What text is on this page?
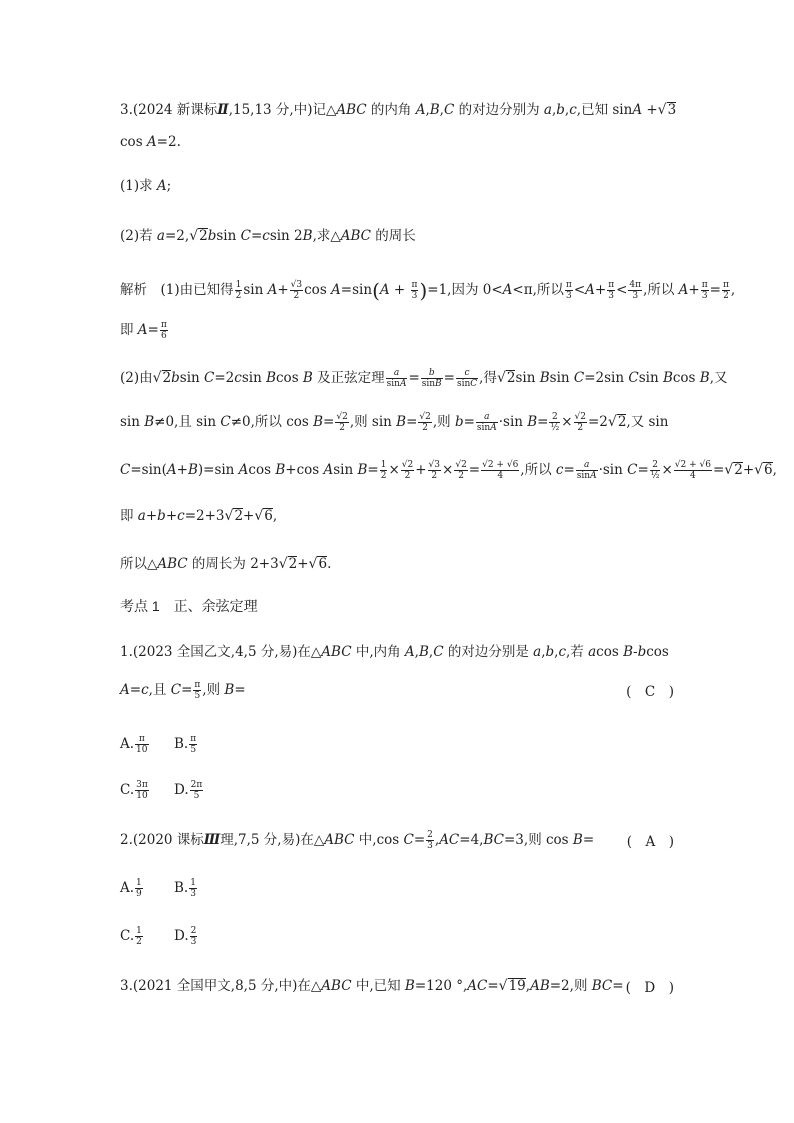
3.(2024 新课标Ⅱ,15,13 分,中)记△ABC 的内角 A,B,C 的对边分别为 a,b,c,已知 sinA +√3
cos A=2.
(1)求 A;
(2)若 a=2,√2bsin C=csin 2B,求△ABC 的周长
解析　(1)由已知得 $\frac{1}{2}$ $\sin A+ \frac{√3}{2}$ $\cos A=\sin(A + \frac{\pi}{3} )=1$,因为 0<A<π,所以 $\frac{\pi}{3} <A+ \frac{\pi}{3} < \frac{4\pi}{3}$ ,所以 $A+ \frac{\pi}{3} = \frac{\pi}{2}$ ,
即 $A= \frac{\pi}{6}$
(2)由√2bsin C=2csin Bcos B 及正弦定理 $\frac{a}{\sin A} = \frac{b}{\sin B} = \frac{c}{\sin C}$ ,得√2sin Bsin C=2sin Csin Bcos B,又
sin B≠0,且 sin C≠0,所以 $\cos B= \frac{√2}{2}$ ,则 $\sin B= \frac{√2}{2}$ ,则 $b= \frac{a}{\sin A} \cdot\sin$ $B= \frac{2}{\text{½}} \times \frac{√2}{2} =2√2$,又 sin
C=sin(A+B)=sin Acos B+cos Asin $B= \frac{1}{2} \times \frac{√2}{2} + \frac{√3}{2} \times \frac{√2}{2} = \frac{√2 + √6}{4}$ ,所以 $c= \frac{a}{\sin A} \cdot\sin$ $C= \frac{2}{\text{½}} \times \frac{√2 + √6}{4} =√2+√6$,
即 a+b+c=2+3√2+√6,
所以△ABC 的周长为 2+3√2+√6.
考点 1　正、余弦定理
1.(2023 全国乙文,4,5 分,易)在△ABC 中,内角 A,B,C 的对边分别是 a,b,c,若 acos B-bcos
A=c,且 $C= \frac{\pi}{5}$ ,则 B=	(　C　)
A. $\frac{\pi}{10} B$. $\frac{\pi}{5}$
C. $\frac{3\pi}{10} D$. $\frac{2\pi}{5}$
2.(2020 课标Ⅲ理,7,5 分,易)在△ABC 中,cos $C= \frac{2}{3} ,AC=4,BC=3$,则 cos B=	(　A　)
A. $\frac{1}{9} B$. $\frac{1}{3}$
C. $\frac{1}{2} D$. $\frac{2}{3}$
3.(2021 全国甲文,8,5 分,中)在△ABC 中,已知 B=120 °,AC=√19,AB=2,则 BC= (　D　)
